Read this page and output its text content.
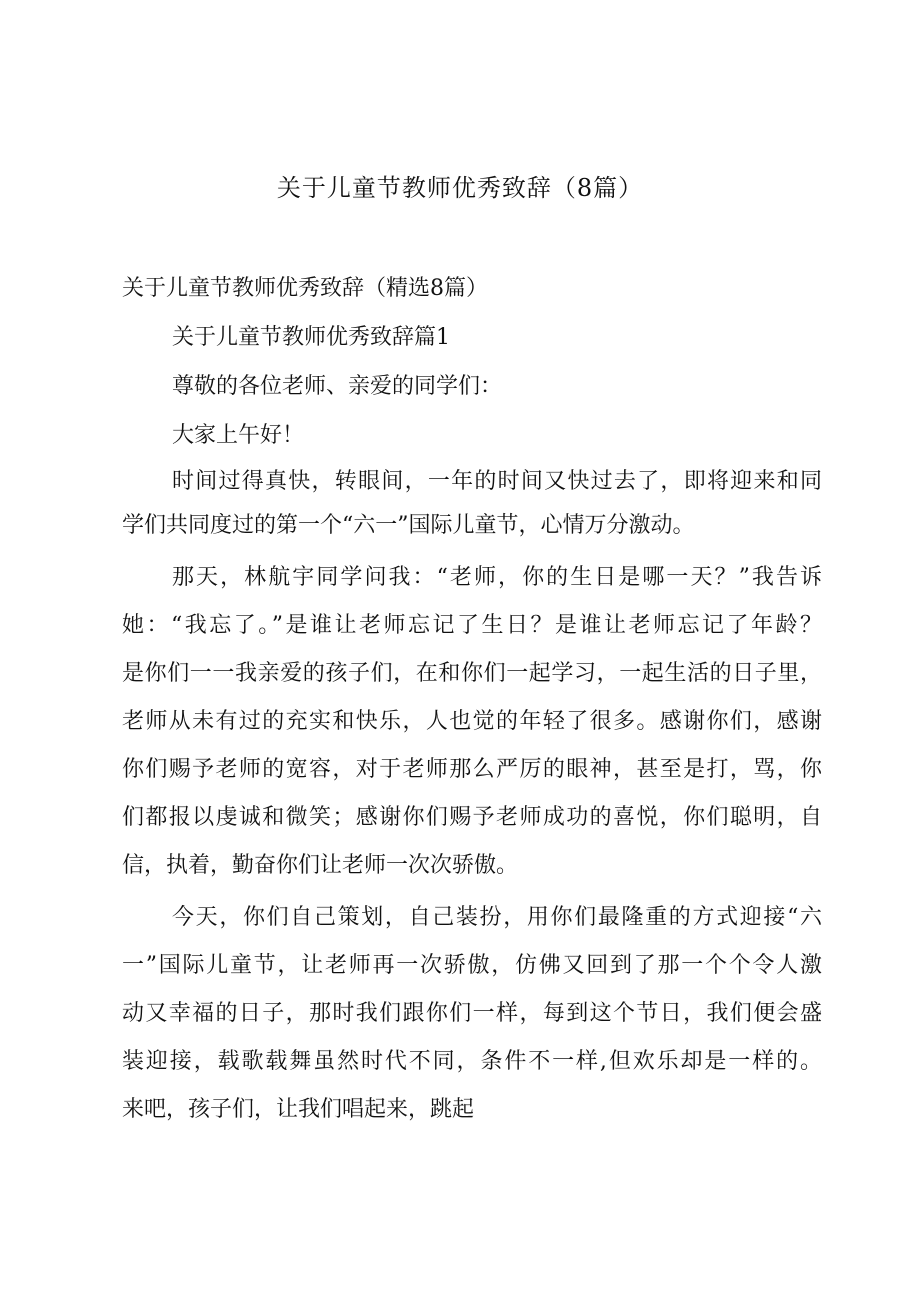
关于儿童节教师优秀致辞（8篇）
关于儿童节教师优秀致辞（精选8篇）
关于儿童节教师优秀致辞篇1
尊敬的各位老师、亲爱的同学们：
大家上午好！
时间过得真快，转眼间，一年的时间又快过去了，即将迎来和同
学们共同度过的第一个“六一”国际儿童节，心情万分激动。
那天，林航宇同学问我：“老师，你的生日是哪一天？”我告诉
她：“我忘了。”是谁让老师忘记了生日？是谁让老师忘记了年龄？
是你们一一我亲爱的孩子们，在和你们一起学习，一起生活的日子里，
老师从未有过的充实和快乐，人也觉的年轻了很多。感谢你们，感谢
你们赐予老师的宽容，对于老师那么严厉的眼神，甚至是打，骂，你
们都报以虔诚和微笑；感谢你们赐予老师成功的喜悦，你们聪明，自
信，执着，勤奋你们让老师一次次骄傲。
今天，你们自己策划，自己装扮，用你们最隆重的方式迎接“六
一”国际儿童节，让老师再一次骄傲，仿佛又回到了那一个个令人激
动又幸福的日子，那时我们跟你们一样，每到这个节日，我们便会盛
装迎接，载歌载舞虽然时代不同，条件不一样,但欢乐却是一样的。
来吧，孩子们，让我们唱起来，跳起
